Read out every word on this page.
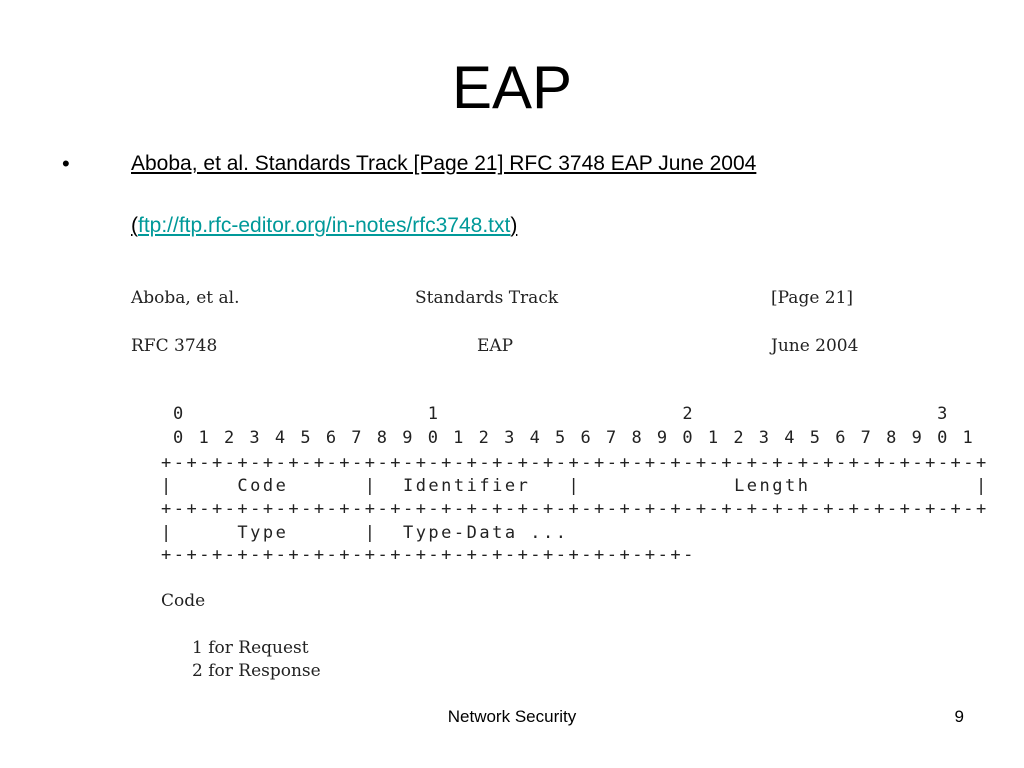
EAP
•	Aboba, et al. Standards Track [Page 21] RFC 3748 EAP June 2004
(ftp://ftp.rfc-editor.org/in-notes/rfc3748.txt)
Aboba, et al.	Standards Track	[Page 21]
RFC 3748	EAP	June 2004
0                   1                   2                   3
0 1 2 3 4 5 6 7 8 9 0 1 2 3 4 5 6 7 8 9 0 1 2 3 4 5 6 7 8 9 0 1
+-+-+-+-+-+-+-+-+-+-+-+-+-+-+-+-+-+-+-+-+-+-+-+-+-+-+-+-+-+-+-+-+
|     Code      |  Identifier   |            Length             |
+-+-+-+-+-+-+-+-+-+-+-+-+-+-+-+-+-+-+-+-+-+-+-+-+-+-+-+-+-+-+-+-+
|     Type      |  Type-Data ...
+-+-+-+-+-+-+-+-+-+-+-+-+-+-+-+-+-+-+-+-+-
Code
1 for Request
2 for Response
Network Security	9
